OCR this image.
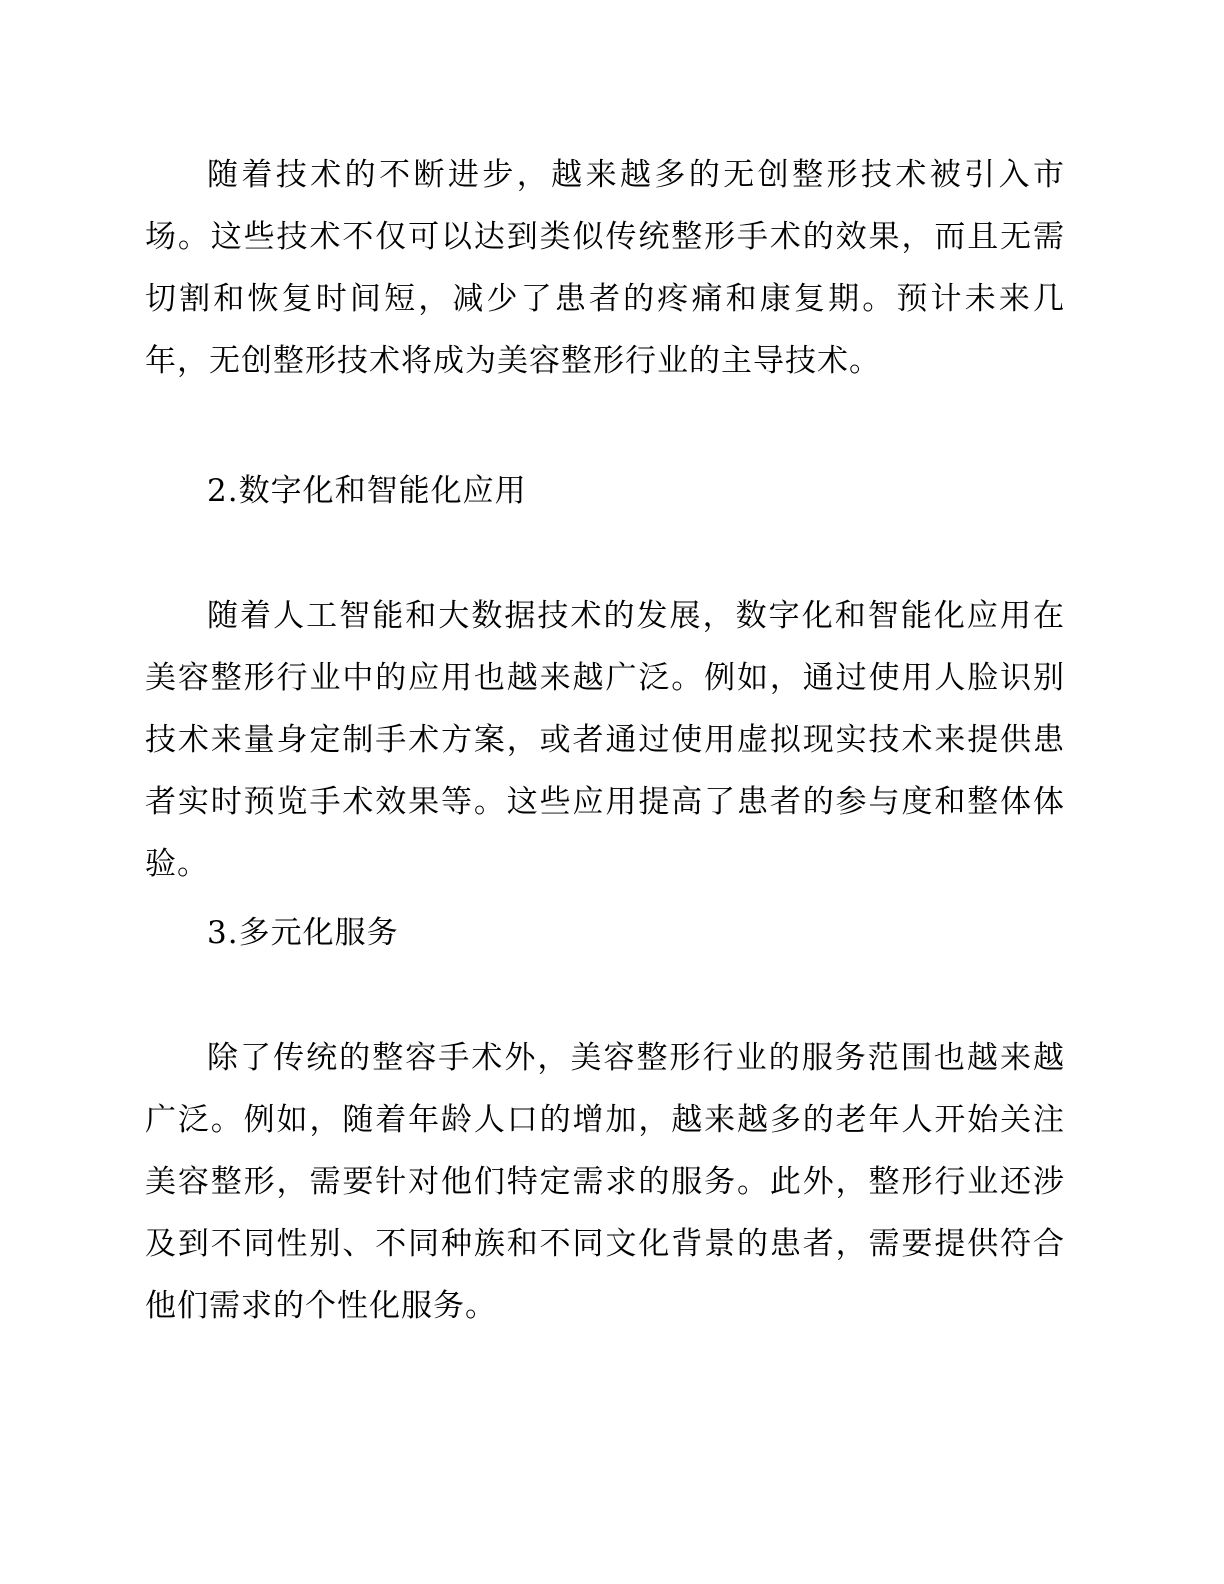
随着技术的不断进步，越来越多的无创整形技术被引入市场。这些技术不仅可以达到类似传统整形手术的效果，而且无需切割和恢复时间短，减少了患者的疼痛和康复期。预计未来几年，无创整形技术将成为美容整形行业的主导技术。

2.数字化和智能化应用

随着人工智能和大数据技术的发展，数字化和智能化应用在美容整形行业中的应用也越来越广泛。例如，通过使用人脸识别技术来量身定制手术方案，或者通过使用虚拟现实技术来提供患者实时预览手术效果等。这些应用提高了患者的参与度和整体体验。

3.多元化服务

除了传统的整容手术外，美容整形行业的服务范围也越来越广泛。例如，随着年龄人口的增加，越来越多的老年人开始关注美容整形，需要针对他们特定需求的服务。此外，整形行业还涉及到不同性别、不同种族和不同文化背景的患者，需要提供符合他们需求的个性化服务。
